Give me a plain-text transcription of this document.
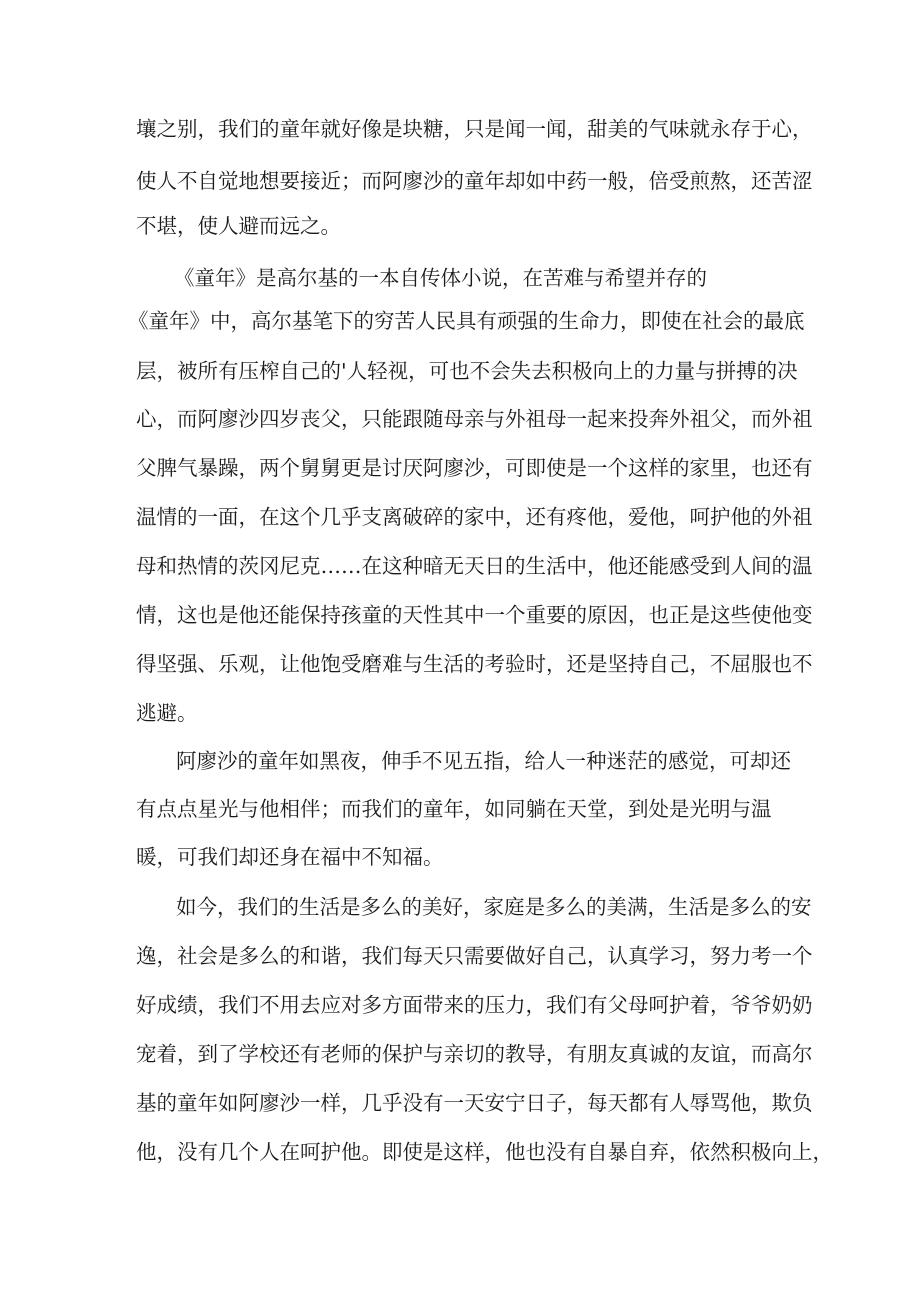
壤之别，我们的童年就好像是块糖，只是闻一闻，甜美的气味就永存于心，

使人不自觉地想要接近；而阿廖沙的童年却如中药一般，倍受煎熬，还苦涩

不堪，使人避而远之。

《童年》是高尔基的一本自传体小说，在苦难与希望并存的

《童年》中，高尔基笔下的穷苦人民具有顽强的生命力，即使在社会的最底

层，被所有压榨自己的'人轻视，可也不会失去积极向上的力量与拼搏的决

心，而阿廖沙四岁丧父，只能跟随母亲与外祖母一起来投奔外祖父，而外祖

父脾气暴躁，两个舅舅更是讨厌阿廖沙，可即使是一个这样的家里，也还有

温情的一面，在这个几乎支离破碎的家中，还有疼他，爱他，呵护他的外祖

母和热情的茨冈尼克……在这种暗无天日的生活中，他还能感受到人间的温

情，这也是他还能保持孩童的天性其中一个重要的原因，也正是这些使他变

得坚强、乐观，让他饱受磨难与生活的考验时，还是坚持自己，不屈服也不

逃避。

阿廖沙的童年如黑夜，伸手不见五指，给人一种迷茫的感觉，可却还

有点点星光与他相伴；而我们的童年，如同躺在天堂，到处是光明与温

暖，可我们却还身在福中不知福。

如今，我们的生活是多么的美好，家庭是多么的美满，生活是多么的安

逸，社会是多么的和谐，我们每天只需要做好自己，认真学习，努力考一个

好成绩，我们不用去应对多方面带来的压力，我们有父母呵护着，爷爷奶奶

宠着，到了学校还有老师的保护与亲切的教导，有朋友真诚的友谊，而高尔

基的童年如阿廖沙一样，几乎没有一天安宁日子，每天都有人辱骂他，欺负

他，没有几个人在呵护他。即使是这样，他也没有自暴自弃，依然积极向上，
